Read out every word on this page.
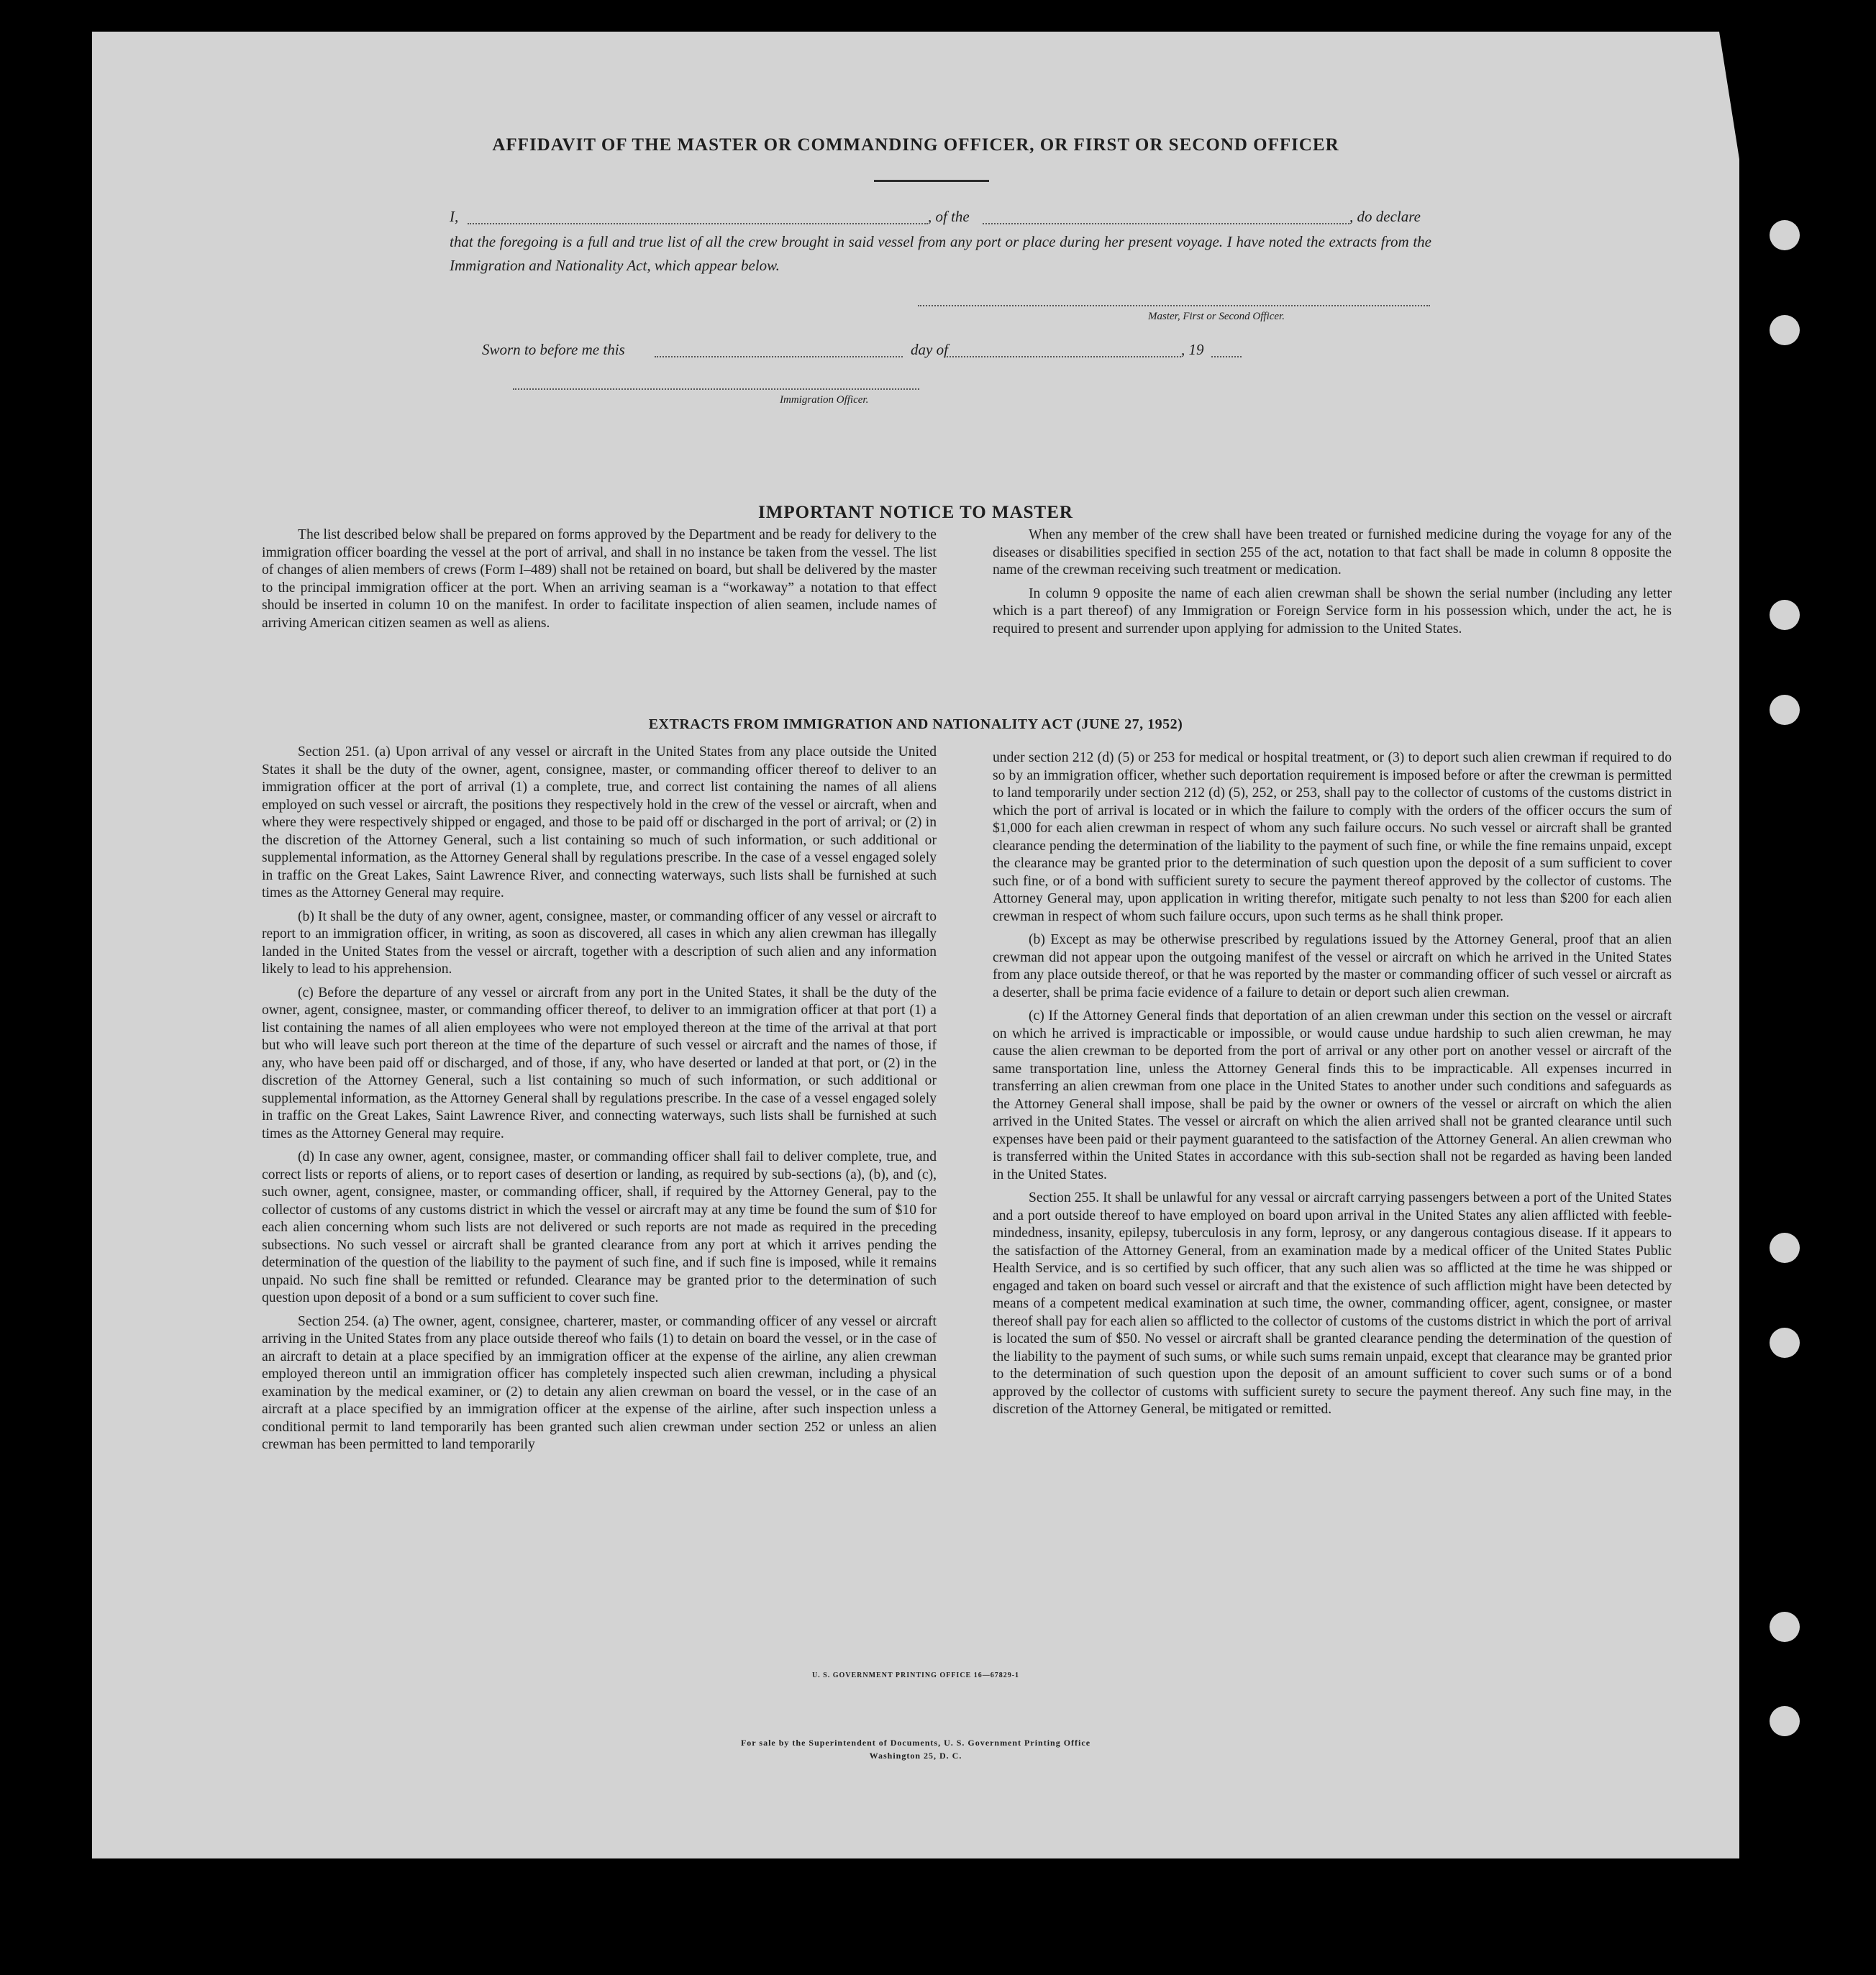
AFFIDAVIT OF THE MASTER OR COMMANDING OFFICER, OR FIRST OR SECOND OFFICER
I,	, of the	, do declare
that the foregoing is a full and true list of all the crew brought in said vessel from any port or place during her present voyage. I have noted the extracts from the Immigration and Nationality Act, which appear below.
Master, First or Second Officer.
Sworn to before me this	day of	, 19
Immigration Officer.
IMPORTANT NOTICE TO MASTER

The list described below shall be prepared on forms approved by the Department and be ready for delivery to the immigration officer boarding the vessel at the port of arrival, and shall in no instance be taken from the vessel. The list of changes of alien members of crews (Form I–489) shall not be retained on board, but shall be delivered by the master to the principal immigration officer at the port. When an arriving seaman is a “workaway” a notation to that effect should be inserted in column 10 on the manifest. In order to facilitate inspection of alien seamen, include names of arriving American citizen seamen as well as aliens.

When any member of the crew shall have been treated or furnished medicine during the voyage for any of the diseases or disabilities specified in section 255 of the act, notation to that fact shall be made in column 8 opposite the name of the crewman receiving such treatment or medication.

In column 9 opposite the name of each alien crewman shall be shown the serial number (including any letter which is a part thereof) of any Immigration or Foreign Service form in his possession which, under the act, he is required to present and surrender upon applying for admission to the United States.

EXTRACTS FROM IMMIGRATION AND NATIONALITY ACT (JUNE 27, 1952)

Section 251. (a) Upon arrival of any vessel or aircraft in the United States from any place outside the United States it shall be the duty of the owner, agent, consignee, master, or commanding officer thereof to deliver to an immigration officer at the port of arrival (1) a complete, true, and correct list containing the names of all aliens employed on such vessel or aircraft, the positions they respectively hold in the crew of the vessel or aircraft, when and where they were respectively shipped or engaged, and those to be paid off or discharged in the port of arrival; or (2) in the discretion of the Attorney General, such a list containing so much of such information, or such additional or supplemental information, as the Attorney General shall by regulations prescribe. In the case of a vessel engaged solely in traffic on the Great Lakes, Saint Lawrence River, and connecting waterways, such lists shall be furnished at such times as the Attorney General may require.

(b) It shall be the duty of any owner, agent, consignee, master, or commanding officer of any vessel or aircraft to report to an immigration officer, in writing, as soon as discovered, all cases in which any alien crewman has illegally landed in the United States from the vessel or aircraft, together with a description of such alien and any information likely to lead to his apprehension.

(c) Before the departure of any vessel or aircraft from any port in the United States, it shall be the duty of the owner, agent, consignee, master, or commanding officer thereof, to deliver to an immigration officer at that port (1) a list containing the names of all alien employees who were not employed thereon at the time of the arrival at that port but who will leave such port thereon at the time of the departure of such vessel or aircraft and the names of those, if any, who have been paid off or discharged, and of those, if any, who have deserted or landed at that port, or (2) in the discretion of the Attorney General, such a list containing so much of such information, or such additional or supplemental information, as the Attorney General shall by regulations prescribe. In the case of a vessel engaged solely in traffic on the Great Lakes, Saint Lawrence River, and connecting waterways, such lists shall be furnished at such times as the Attorney General may require.

(d) In case any owner, agent, consignee, master, or commanding officer shall fail to deliver complete, true, and correct lists or reports of aliens, or to report cases of desertion or landing, as required by sub-sections (a), (b), and (c), such owner, agent, consignee, master, or commanding officer, shall, if required by the Attorney General, pay to the collector of customs of any customs district in which the vessel or aircraft may at any time be found the sum of $10 for each alien concerning whom such lists are not delivered or such reports are not made as required in the preceding subsections. No such vessel or aircraft shall be granted clearance from any port at which it arrives pending the determination of the question of the liability to the payment of such fine, and if such fine is imposed, while it remains unpaid. No such fine shall be remitted or refunded. Clearance may be granted prior to the determination of such question upon deposit of a bond or a sum sufficient to cover such fine.

Section 254. (a) The owner, agent, consignee, charterer, master, or commanding officer of any vessel or aircraft arriving in the United States from any place outside thereof who fails (1) to detain on board the vessel, or in the case of an aircraft to detain at a place specified by an immigration officer at the expense of the airline, any alien crewman employed thereon until an immigration officer has completely inspected such alien crewman, including a physical examination by the medical examiner, or (2) to detain any alien crewman on board the vessel, or in the case of an aircraft at a place specified by an immigration officer at the expense of the airline, after such inspection unless a conditional permit to land temporarily has been granted such alien crewman under section 252 or unless an alien crewman has been permitted to land temporarily

under section 212 (d) (5) or 253 for medical or hospital treatment, or (3) to deport such alien crewman if required to do so by an immigration officer, whether such deportation requirement is imposed before or after the crewman is permitted to land temporarily under section 212 (d) (5), 252, or 253, shall pay to the collector of customs of the customs district in which the port of arrival is located or in which the failure to comply with the orders of the officer occurs the sum of $1,000 for each alien crewman in respect of whom any such failure occurs. No such vessel or aircraft shall be granted clearance pending the determination of the liability to the payment of such fine, or while the fine remains unpaid, except the clearance may be granted prior to the determination of such question upon the deposit of a sum sufficient to cover such fine, or of a bond with sufficient surety to secure the payment thereof approved by the collector of customs. The Attorney General may, upon application in writing therefor, mitigate such penalty to not less than $200 for each alien crewman in respect of whom such failure occurs, upon such terms as he shall think proper.

(b) Except as may be otherwise prescribed by regulations issued by the Attorney General, proof that an alien crewman did not appear upon the outgoing manifest of the vessel or aircraft on which he arrived in the United States from any place outside thereof, or that he was reported by the master or commanding officer of such vessel or aircraft as a deserter, shall be prima facie evidence of a failure to detain or deport such alien crewman.

(c) If the Attorney General finds that deportation of an alien crewman under this section on the vessel or aircraft on which he arrived is impracticable or impossible, or would cause undue hardship to such alien crewman, he may cause the alien crewman to be deported from the port of arrival or any other port on another vessel or aircraft of the same transportation line, unless the Attorney General finds this to be impracticable. All expenses incurred in transferring an alien crewman from one place in the United States to another under such conditions and safeguards as the Attorney General shall impose, shall be paid by the owner or owners of the vessel or aircraft on which the alien arrived in the United States. The vessel or aircraft on which the alien arrived shall not be granted clearance until such expenses have been paid or their payment guaranteed to the satisfaction of the Attorney General. An alien crewman who is transferred within the United States in accordance with this sub-section shall not be regarded as having been landed in the United States.

Section 255. It shall be unlawful for any vessal or aircraft carrying passengers between a port of the United States and a port outside thereof to have employed on board upon arrival in the United States any alien afflicted with feeble-mindedness, insanity, epilepsy, tuberculosis in any form, leprosy, or any dangerous contagious disease. If it appears to the satisfaction of the Attorney General, from an examination made by a medical officer of the United States Public Health Service, and is so certified by such officer, that any such alien was so afflicted at the time he was shipped or engaged and taken on board such vessel or aircraft and that the existence of such affliction might have been detected by means of a competent medical examination at such time, the owner, commanding officer, agent, consignee, or master thereof shall pay for each alien so afflicted to the collector of customs of the customs district in which the port of arrival is located the sum of $50. No vessel or aircraft shall be granted clearance pending the determination of the question of the liability to the payment of such sums, or while such sums remain unpaid, except that clearance may be granted prior to the determination of such question upon the deposit of an amount sufficient to cover such sums or of a bond approved by the collector of customs with sufficient surety to secure the payment thereof. Any such fine may, in the discretion of the Attorney General, be mitigated or remitted.

U. S. GOVERNMENT PRINTING OFFICE 16—67829-1
For sale by the Superintendent of Documents, U. S. Government Printing Office
Washington 25, D. C.
